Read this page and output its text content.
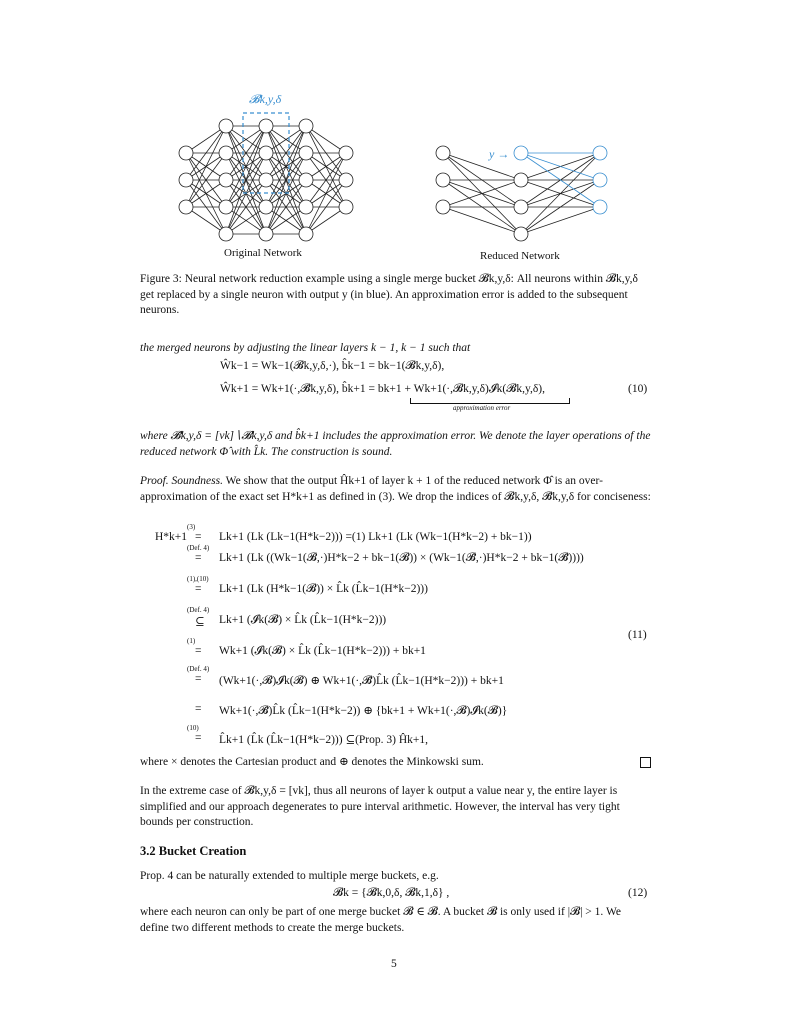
𝓑k,y,δ
y →
Original Network	Reduced Network
Figure 3: Neural network reduction example using a single merge bucket 𝓑k,y,δ: All neurons within 𝓑k,y,δ get replaced by a single neuron with output y (in blue). An approximation error is added to the subsequent neurons.
the merged neurons by adjusting the linear layers k − 1, k − 1 such that
Ŵk−1 = Wk−1(𝓑k,y,δ,·), b̂k−1 = bk−1(𝓑k,y,δ),
Ŵk+1 = Wk+1(·,𝓑̄k,y,δ), b̂k+1 = bk+1 + Wk+1(·,𝓑k,y,δ)𝓘k(𝓑k,y,δ),
approximation error
(10)
where 𝓑̄k,y,δ = [vk]∖𝓑k,y,δ and b̂k+1 includes the approximation error. We denote the layer operations of the reduced network Φ̂ with L̂k. The construction is sound.
Proof. Soundness. We show that the output Ĥk+1 of layer k + 1 of the reduced network Φ̂ is an over-approximation of the exact set H*k+1 as defined in (3). We drop the indices of 𝓑k,y,δ, 𝓑̄k,y,δ for conciseness:
H*k+1
(3)
= Lk+1 (Lk (Lk−1(H*k−2))) =(1) Lk+1 (Lk (Wk−1(H*k−2) + bk−1))
(Def. 4)
= Lk+1 (Lk ((Wk−1(𝓑,·)H*k−2 + bk−1(𝓑)) × (Wk−1(𝓑̄,·)H*k−2 + bk−1(𝓑̄))))
(1),(10)
= Lk+1 (Lk (H*k−1(𝓑)) × L̂k (L̂k−1(H*k−2)))
(Def. 4)
⊆ Lk+1 (𝓘k(𝓑) × L̂k (L̂k−1(H*k−2)))
(1)
= Wk+1 (𝓘k(𝓑) × L̂k (L̂k−1(H*k−2))) + bk+1
(Def. 4)
= (Wk+1(·,𝓑)𝓘k(𝓑) ⊕ Wk+1(·,𝓑̄)L̂k (L̂k−1(H*k−2))) + bk+1
= Wk+1(·,𝓑̄)L̂k (L̂k−1(H*k−2)) ⊕ {bk+1 + Wk+1(·,𝓑)𝓘k(𝓑)}
(10)
= L̂k+1 (L̂k (L̂k−1(H*k−2))) ⊆(Prop. 3) Ĥk+1,
(11)
where × denotes the Cartesian product and ⊕ denotes the Minkowski sum.
In the extreme case of 𝓑k,y,δ = [vk], thus all neurons of layer k output a value near y, the entire layer is simplified and our approach degenerates to pure interval arithmetic. However, the interval has very tight bounds per construction.
3.2 Bucket Creation
Prop. 4 can be naturally extended to multiple merge buckets, e.g.
𝓑k = {𝓑k,0,δ, 𝓑k,1,δ} ,	(12)
where each neuron can only be part of one merge bucket 𝓑 ∈ 𝓑. A bucket 𝓑 is only used if |𝓑| > 1. We define two different methods to create the merge buckets.
5
